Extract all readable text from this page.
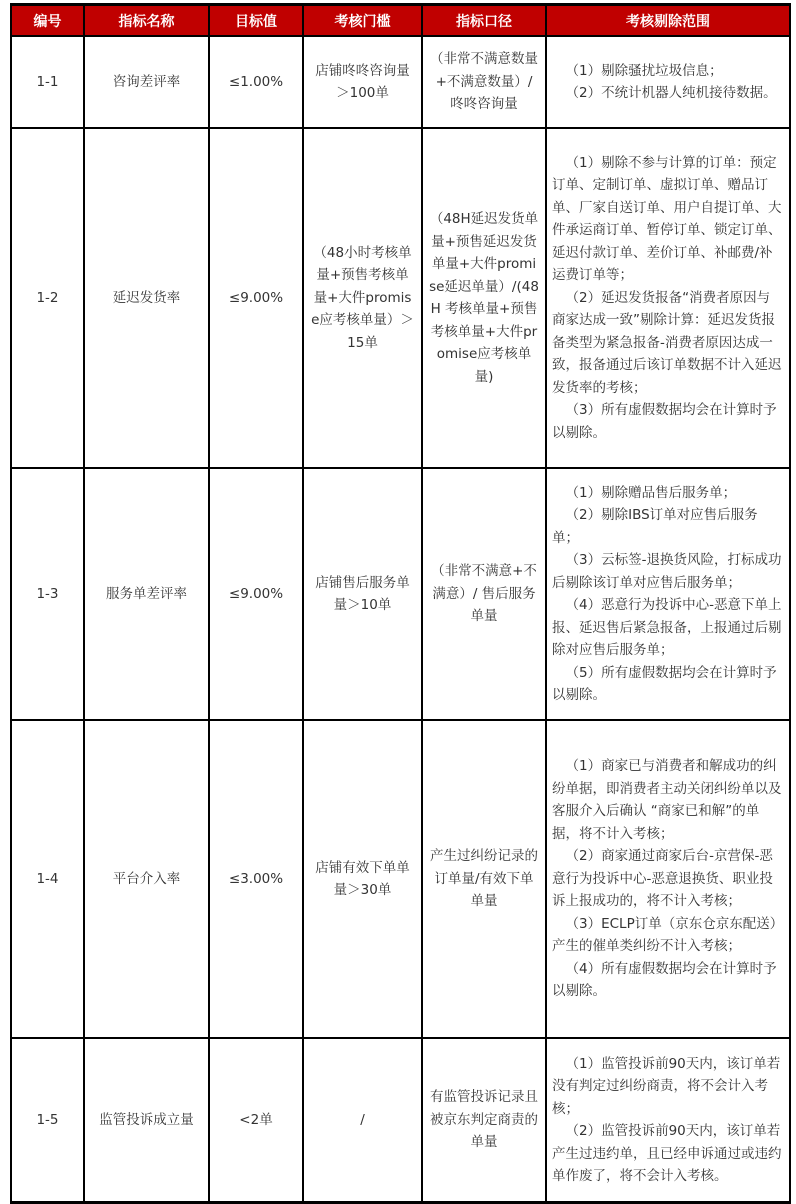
编号	指标名称	目标值	考核门槛	指标口径	考核剔除范围
1-1	咨询差评率	≤1.00%	店铺咚咚咨询量＞100单	（非常不满意数量+不满意数量）/ 咚咚咨询量	（1）剔除骚扰垃圾信息；

（2）不统计机器人纯机接待数据。

1-2	延迟发货率	≤9.00%	（48小时考核单量+预售考核单量+大件promise应考核单量）＞15单	（48H延迟发货单量+预售延迟发货单量+大件promise延迟单量）/(48H 考核单量+预售考核单量+大件promise应考核单量)	（1）剔除不参与计算的订单：预定订单、定制订单、虚拟订单、赠品订单、厂家自送订单、用户自提订单、大件承运商订单、暂停订单、锁定订单、延迟付款订单、差价订单、补邮费/补运费订单等；

（2）延迟发货报备“消费者原因与商家达成一致”剔除计算：延迟发货报备类型为紧急报备-消费者原因达成一致，报备通过后该订单数据不计入延迟发货率的考核；

（3）所有虚假数据均会在计算时予以剔除。

1-3	服务单差评率	≤9.00%	店铺售后服务单量＞10单	（非常不满意+不满意）/ 售后服务单量	（1）剔除赠品售后服务单；

（2）剔除IBS订单对应售后服务单；

（3）云标签-退换货风险，打标成功后剔除该订单对应售后服务单；

（4）恶意行为投诉中心-恶意下单上报、延迟售后紧急报备，上报通过后剔除对应售后服务单；

（5）所有虚假数据均会在计算时予以剔除。

1-4	平台介入率	≤3.00%	店铺有效下单单量＞30单	产生过纠纷记录的订单量/有效下单单量	（1）商家已与消费者和解成功的纠纷单据，即消费者主动关闭纠纷单以及客服介入后确认 “商家已和解”的单据，将不计入考核；

（2）商家通过商家后台-京营保-恶意行为投诉中心-恶意退换货、职业投诉上报成功的，将不计入考核；

（3）ECLP订单（京东仓京东配送）产生的催单类纠纷不计入考核；

（4）所有虚假数据均会在计算时予以剔除。

1-5	监管投诉成立量	<2单	/	有监管投诉记录且被京东判定商责的单量	（1）监管投诉前90天内，该订单若没有判定过纠纷商责，将不会计入考核；

（2）监管投诉前90天内，该订单若产生过违约单，且已经申诉通过或违约单作废了，将不会计入考核。
